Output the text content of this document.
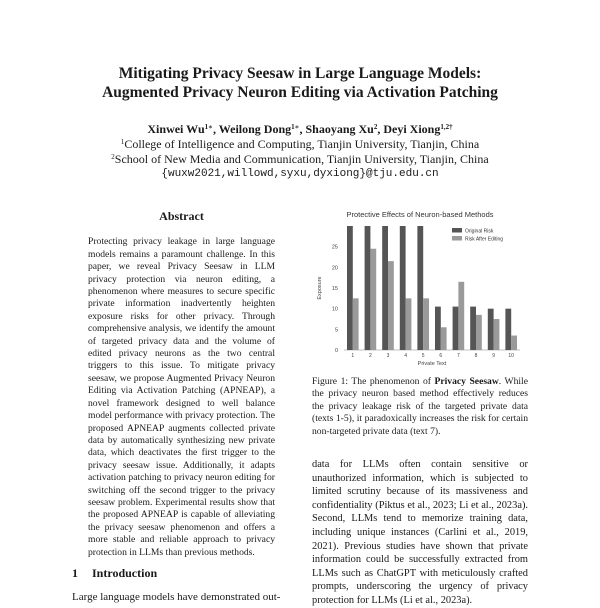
Mitigating Privacy Seesaw in Large Language Models:
Augmented Privacy Neuron Editing via Activation Patching
Xinwei $Wu^{1∗}$, Weilong Dong$^{1∗}$, Shaoyang Xu$^2$, Deyi Xiong$^{1,2\dagger}$
$^1$College of Intelligence and Computing, Tianjin University, Tianjin, China
$^2$School of New Media and Communication, Tianjin University, Tianjin, China
{wuxw2021,willowd,syxu,dyxiong}@tju.edu.cn
Abstract
Protecting privacy leakage in large language models remains a paramount challenge. In this paper, we reveal Privacy Seesaw in LLM privacy protection via neuron editing, a phenomenon where measures to secure specific private information inadvertently heighten exposure risks for other privacy. Through comprehensive analysis, we identify the amount of targeted privacy data and the volume of edited privacy neurons as the two central triggers to this issue. To mitigate privacy seesaw, we propose Augmented Privacy Neuron Editing via Activation Patching (APNEAP), a novel framework designed to well balance model performance with privacy protection. The proposed APNEAP augments collected private data by automatically synthesizing new private data, which deactivates the first trigger to the privacy seesaw issue. Additionally, it adapts activation patching to privacy neuron editing for switching off the second trigger to the privacy seesaw problem. Experimental results show that the proposed APNEAP is capable of alleviating the privacy seesaw phenomenon and offers a more stable and reliable approach to privacy protection in LLMs than previous methods.
1 Introduction
Large language models have demonstrated out-
Protective Effects of Neuron-based Methods
0
5
10
15
20
25
Exposure
1	2	3	4	5	6	7	8	9	10
Private Text
Original Risk
Risk After Editing
Figure 1: The phenomenon of Privacy Seesaw. While the privacy neuron based method effectively reduces the privacy leakage risk of the targeted private data (texts 1-5), it paradoxically increases the risk for certain non-targeted private data (text 7).
data for LLMs often contain sensitive or unauthorized information, which is subjected to limited scrutiny because of its massiveness and confidentiality (Piktus et al., 2023; Li et al., 2023a). Second, LLMs tend to memorize training data, including unique instances (Carlini et al., 2019, 2021). Previous studies have shown that private information could be successfully extracted from LLMs such as ChatGPT with meticulously crafted prompts, underscoring the urgency of privacy protection for LLMs (Li et al., 2023a).
